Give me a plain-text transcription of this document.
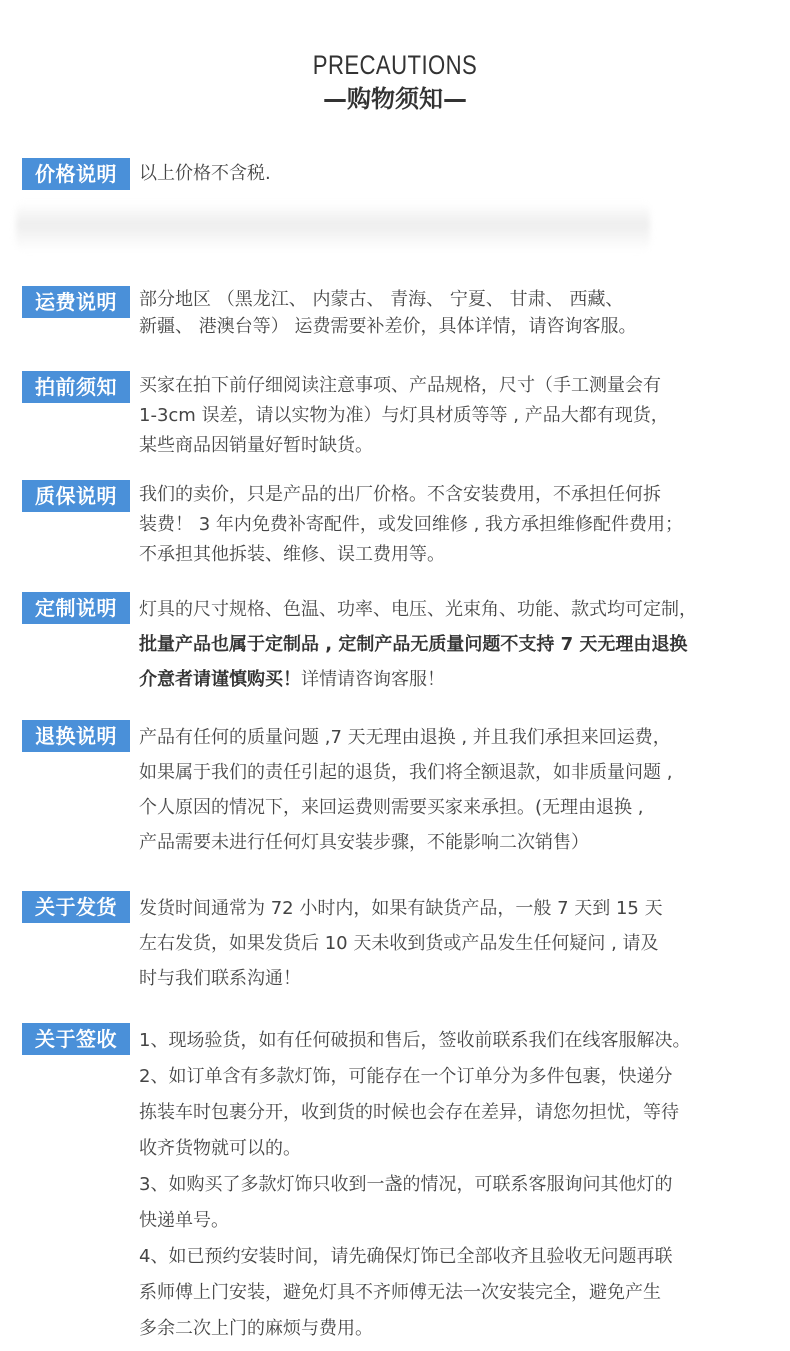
PRECAUTIONS
—购物须知—
价格说明	以上价格不含税.
运费说明	部分地区 （黑龙江、 内蒙古、 青海、 宁夏、 甘肃、 西藏、
新疆、 港澳台等） 运费需要补差价，具体详情，请咨询客服。
拍前须知	买家在拍下前仔细阅读注意事项、产品规格，尺寸（手工测量会有
1-3cm 误差，请以实物为准）与灯具材质等等 , 产品大都有现货，
某些商品因销量好暂时缺货。
质保说明	我们的卖价，只是产品的出厂价格。不含安装费用，不承担任何拆
装费！ 3 年内免费补寄配件，或发回维修 , 我方承担维修配件费用；
不承担其他拆装、维修、误工费用等。
定制说明	灯具的尺寸规格、色温、功率、电压、光束角、功能、款式均可定制，
批量产品也属于定制品 , 定制产品无质量问题不支持 7 天无理由退换
介意者请谨慎购买！详情请咨询客服！
退换说明	产品有任何的质量问题 ,7 天无理由退换 , 并且我们承担来回运费，
如果属于我们的责任引起的退货，我们将全额退款，如非质量问题 ,
个人原因的情况下，来回运费则需要买家来承担。(无理由退换 ,
产品需要未进行任何灯具安装步骤，不能影响二次销售）
关于发货	发货时间通常为 72 小时内，如果有缺货产品，一般 7 天到 15 天
左右发货，如果发货后 10 天未收到货或产品发生任何疑问 , 请及
时与我们联系沟通！
关于签收	1、现场验货，如有任何破损和售后，签收前联系我们在线客服解决。
2、如订单含有多款灯饰，可能存在一个订单分为多件包裹，快递分
拣装车时包裹分开，收到货的时候也会存在差异，请您勿担忧，等待
收齐货物就可以的。
3、如购买了多款灯饰只收到一盏的情况，可联系客服询问其他灯的
快递单号。
4、如已预约安装时间，请先确保灯饰已全部收齐且验收无问题再联
系师傅上门安装，避免灯具不齐师傅无法一次安装完全，避免产生
多余二次上门的麻烦与费用。
